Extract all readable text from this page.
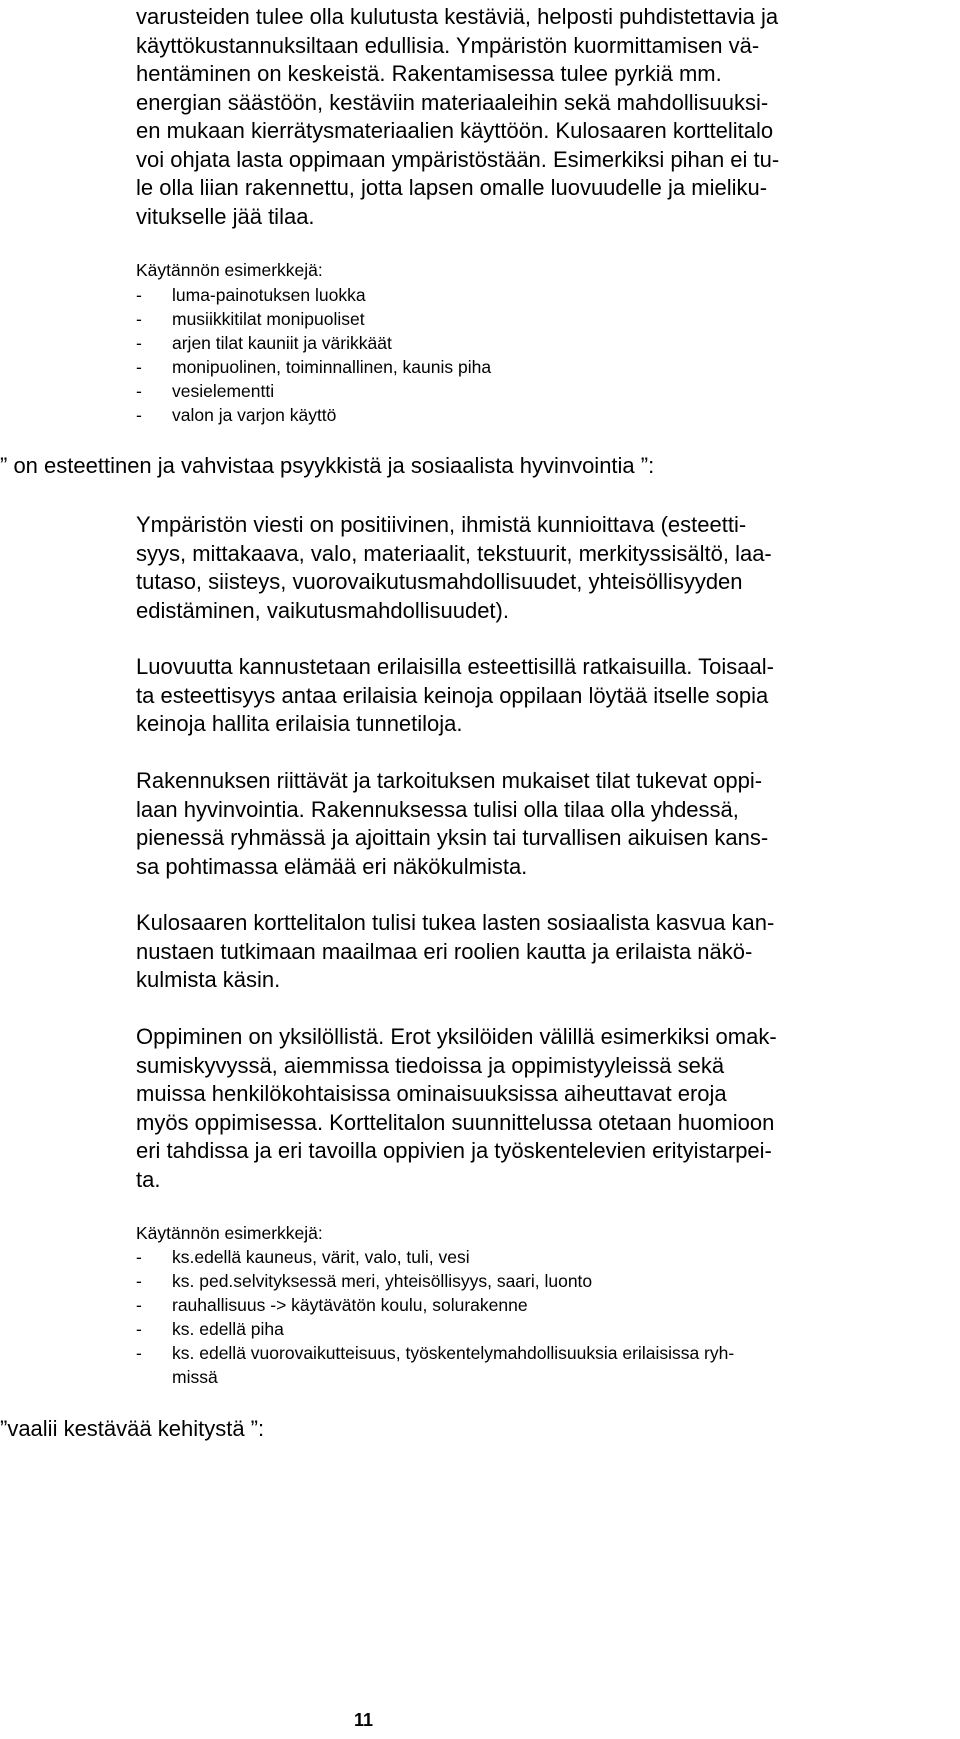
varusteiden tulee olla kulutusta kestäviä, helposti puhdistettavia ja
käyttökustannuksiltaan edullisia. Ympäristön kuormittamisen vä-
hentäminen on keskeistä. Rakentamisessa tulee pyrkiä mm.
energian säästöön, kestäviin materiaaleihin sekä mahdollisuuksi-
en mukaan kierrätysmateriaalien käyttöön. Kulosaaren korttelitalo
voi ohjata lasta oppimaan ympäristöstään. Esimerkiksi pihan ei tu-
le olla liian rakennettu, jotta lapsen omalle luovuudelle ja mieliku-
vitukselle jää tilaa.
Käytännön esimerkkejä:
- luma-painotuksen luokka
- musiikkitilat monipuoliset
- arjen tilat kauniit ja värikkäät
- monipuolinen, toiminnallinen, kaunis piha
- vesielementti
- valon ja varjon käyttö
” on esteettinen ja vahvistaa psyykkistä ja sosiaalista hyvinvointia ”:
Ympäristön viesti on positiivinen, ihmistä kunnioittava (esteetti-
syys, mittakaava, valo, materiaalit, tekstuurit, merkityssisältö, laa-
tutaso, siisteys, vuorovaikutusmahdollisuudet, yhteisöllisyyden
edistäminen, vaikutusmahdollisuudet).
Luovuutta kannustetaan erilaisilla esteettisillä ratkaisuilla. Toisaal-
ta esteettisyys antaa erilaisia keinoja oppilaan löytää itselle sopia
keinoja hallita erilaisia tunnetiloja.
Rakennuksen riittävät ja tarkoituksen mukaiset tilat tukevat oppi-
laan hyvinvointia. Rakennuksessa tulisi olla tilaa olla yhdessä,
pienessä ryhmässä ja ajoittain yksin tai turvallisen aikuisen kans-
sa pohtimassa elämää eri näkökulmista.
Kulosaaren korttelitalon tulisi tukea lasten sosiaalista kasvua kan-
nustaen tutkimaan maailmaa eri roolien kautta ja erilaista näkö-
kulmista käsin.
Oppiminen on yksilöllistä. Erot yksilöiden välillä esimerkiksi omak-
sumiskyvyssä, aiemmissa tiedoissa ja oppimistyyleissä sekä
muissa henkilökohtaisissa ominaisuuksissa aiheuttavat eroja
myös oppimisessa. Korttelitalon suunnittelussa otetaan huomioon
eri tahdissa ja eri tavoilla oppivien ja työskentelevien erityistarpei-
ta.
Käytännön esimerkkejä:
- ks.edellä kauneus, värit, valo, tuli, vesi
- ks. ped.selvityksessä meri, yhteisöllisyys, saari, luonto
- rauhallisuus -> käytävätön koulu, solurakenne
- ks. edellä piha
- ks. edellä vuorovaikutteisuus, työskentelymahdollisuuksia erilaisissa ryh-
missä
”vaalii kestävää kehitystä ”:
11
